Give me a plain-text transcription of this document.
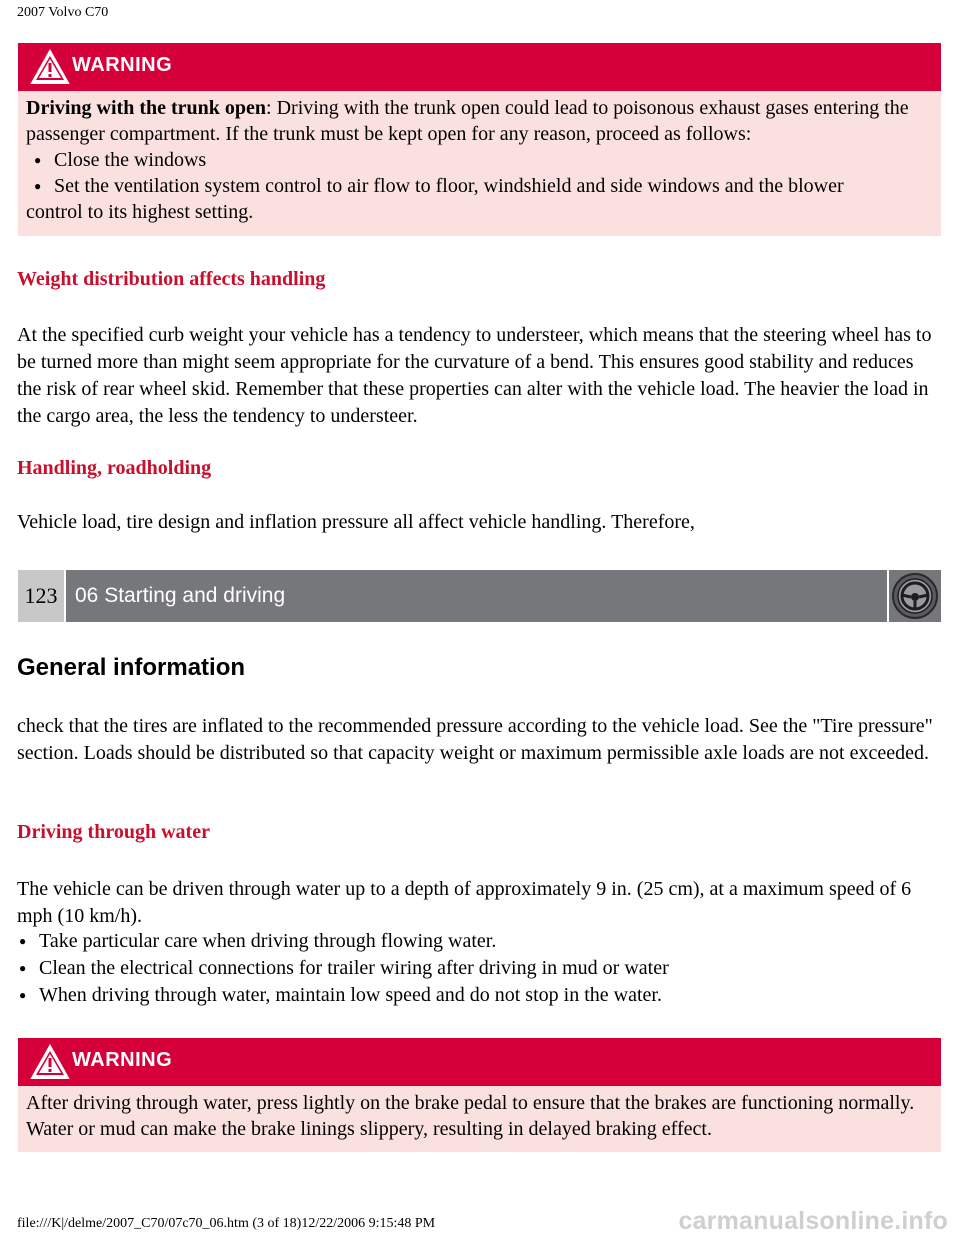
2007 Volvo C70
WARNING

Driving with the trunk open: Driving with the trunk open could lead to poisonous exhaust gases entering the passenger compartment. If the trunk must be kept open for any reason, proceed as follows:

● Close the windows
● Set the ventilation system control to air flow to floor, windshield and side windows and the blower

control to its highest setting.

Weight distribution affects handling

At the specified curb weight your vehicle has a tendency to understeer, which means that the steering wheel has to be turned more than might seem appropriate for the curvature of a bend. This ensures good stability and reduces the risk of rear wheel skid. Remember that these properties can alter with the vehicle load. The heavier the load in the cargo area, the less the tendency to understeer.

Handling, roadholding

Vehicle load, tire design and inflation pressure all affect vehicle handling. Therefore,

123 06 Starting and driving
General information

check that the tires are inflated to the recommended pressure according to the vehicle load. See the "Tire pressure" section. Loads should be distributed so that capacity weight or maximum permissible axle loads are not exceeded.

Driving through water

The vehicle can be driven through water up to a depth of approximately 9 in. (25 cm), at a maximum speed of 6 mph (10 km/h).

● Take particular care when driving through flowing water.
● Clean the electrical connections for trailer wiring after driving in mud or water
● When driving through water, maintain low speed and do not stop in the water.
WARNING

After driving through water, press lightly on the brake pedal to ensure that the brakes are functioning normally. Water or mud can make the brake linings slippery, resulting in delayed braking effect.

file:///K|/delme/2007_C70/07c70_06.htm (3 of 18)12/22/2006 9:15:48 PM	carmanualsonline.info
